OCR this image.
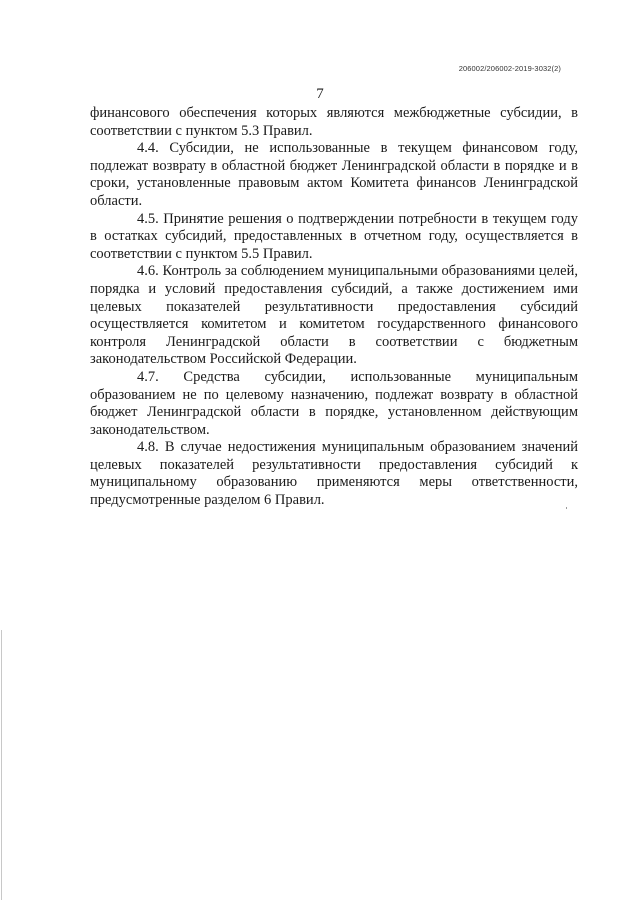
206002/206002-2019-3032(2)
7

финансового обеспечения которых являются межбюджетные субсидии, в соответствии с пунктом 5.3 Правил.

4.4. Субсидии, не использованные в текущем финансовом году, подлежат возврату в областной бюджет Ленинградской области в порядке и в сроки, установленные правовым актом Комитета финансов Ленинградской области.

4.5. Принятие решения о подтверждении потребности в текущем году в остатках субсидий, предоставленных в отчетном году, осуществляется в соответствии с пунктом 5.5 Правил.

4.6. Контроль за соблюдением муниципальными образованиями целей, порядка и условий предоставления субсидий, а также достижением ими целевых показателей результативности предоставления субсидий осуществляется комитетом и комитетом государственного финансового контроля Ленинградской области в соответствии с бюджетным законодательством Российской Федерации.

4.7. Средства субсидии, использованные муниципальным образованием не по целевому назначению, подлежат возврату в областной бюджет Ленинградской области в порядке, установленном действующим законодательством.

4.8. В случае недостижения муниципальным образованием значений целевых показателей результативности предоставления субсидий к муниципальному образованию применяются меры ответственности, предусмотренные разделом 6 Правил.
